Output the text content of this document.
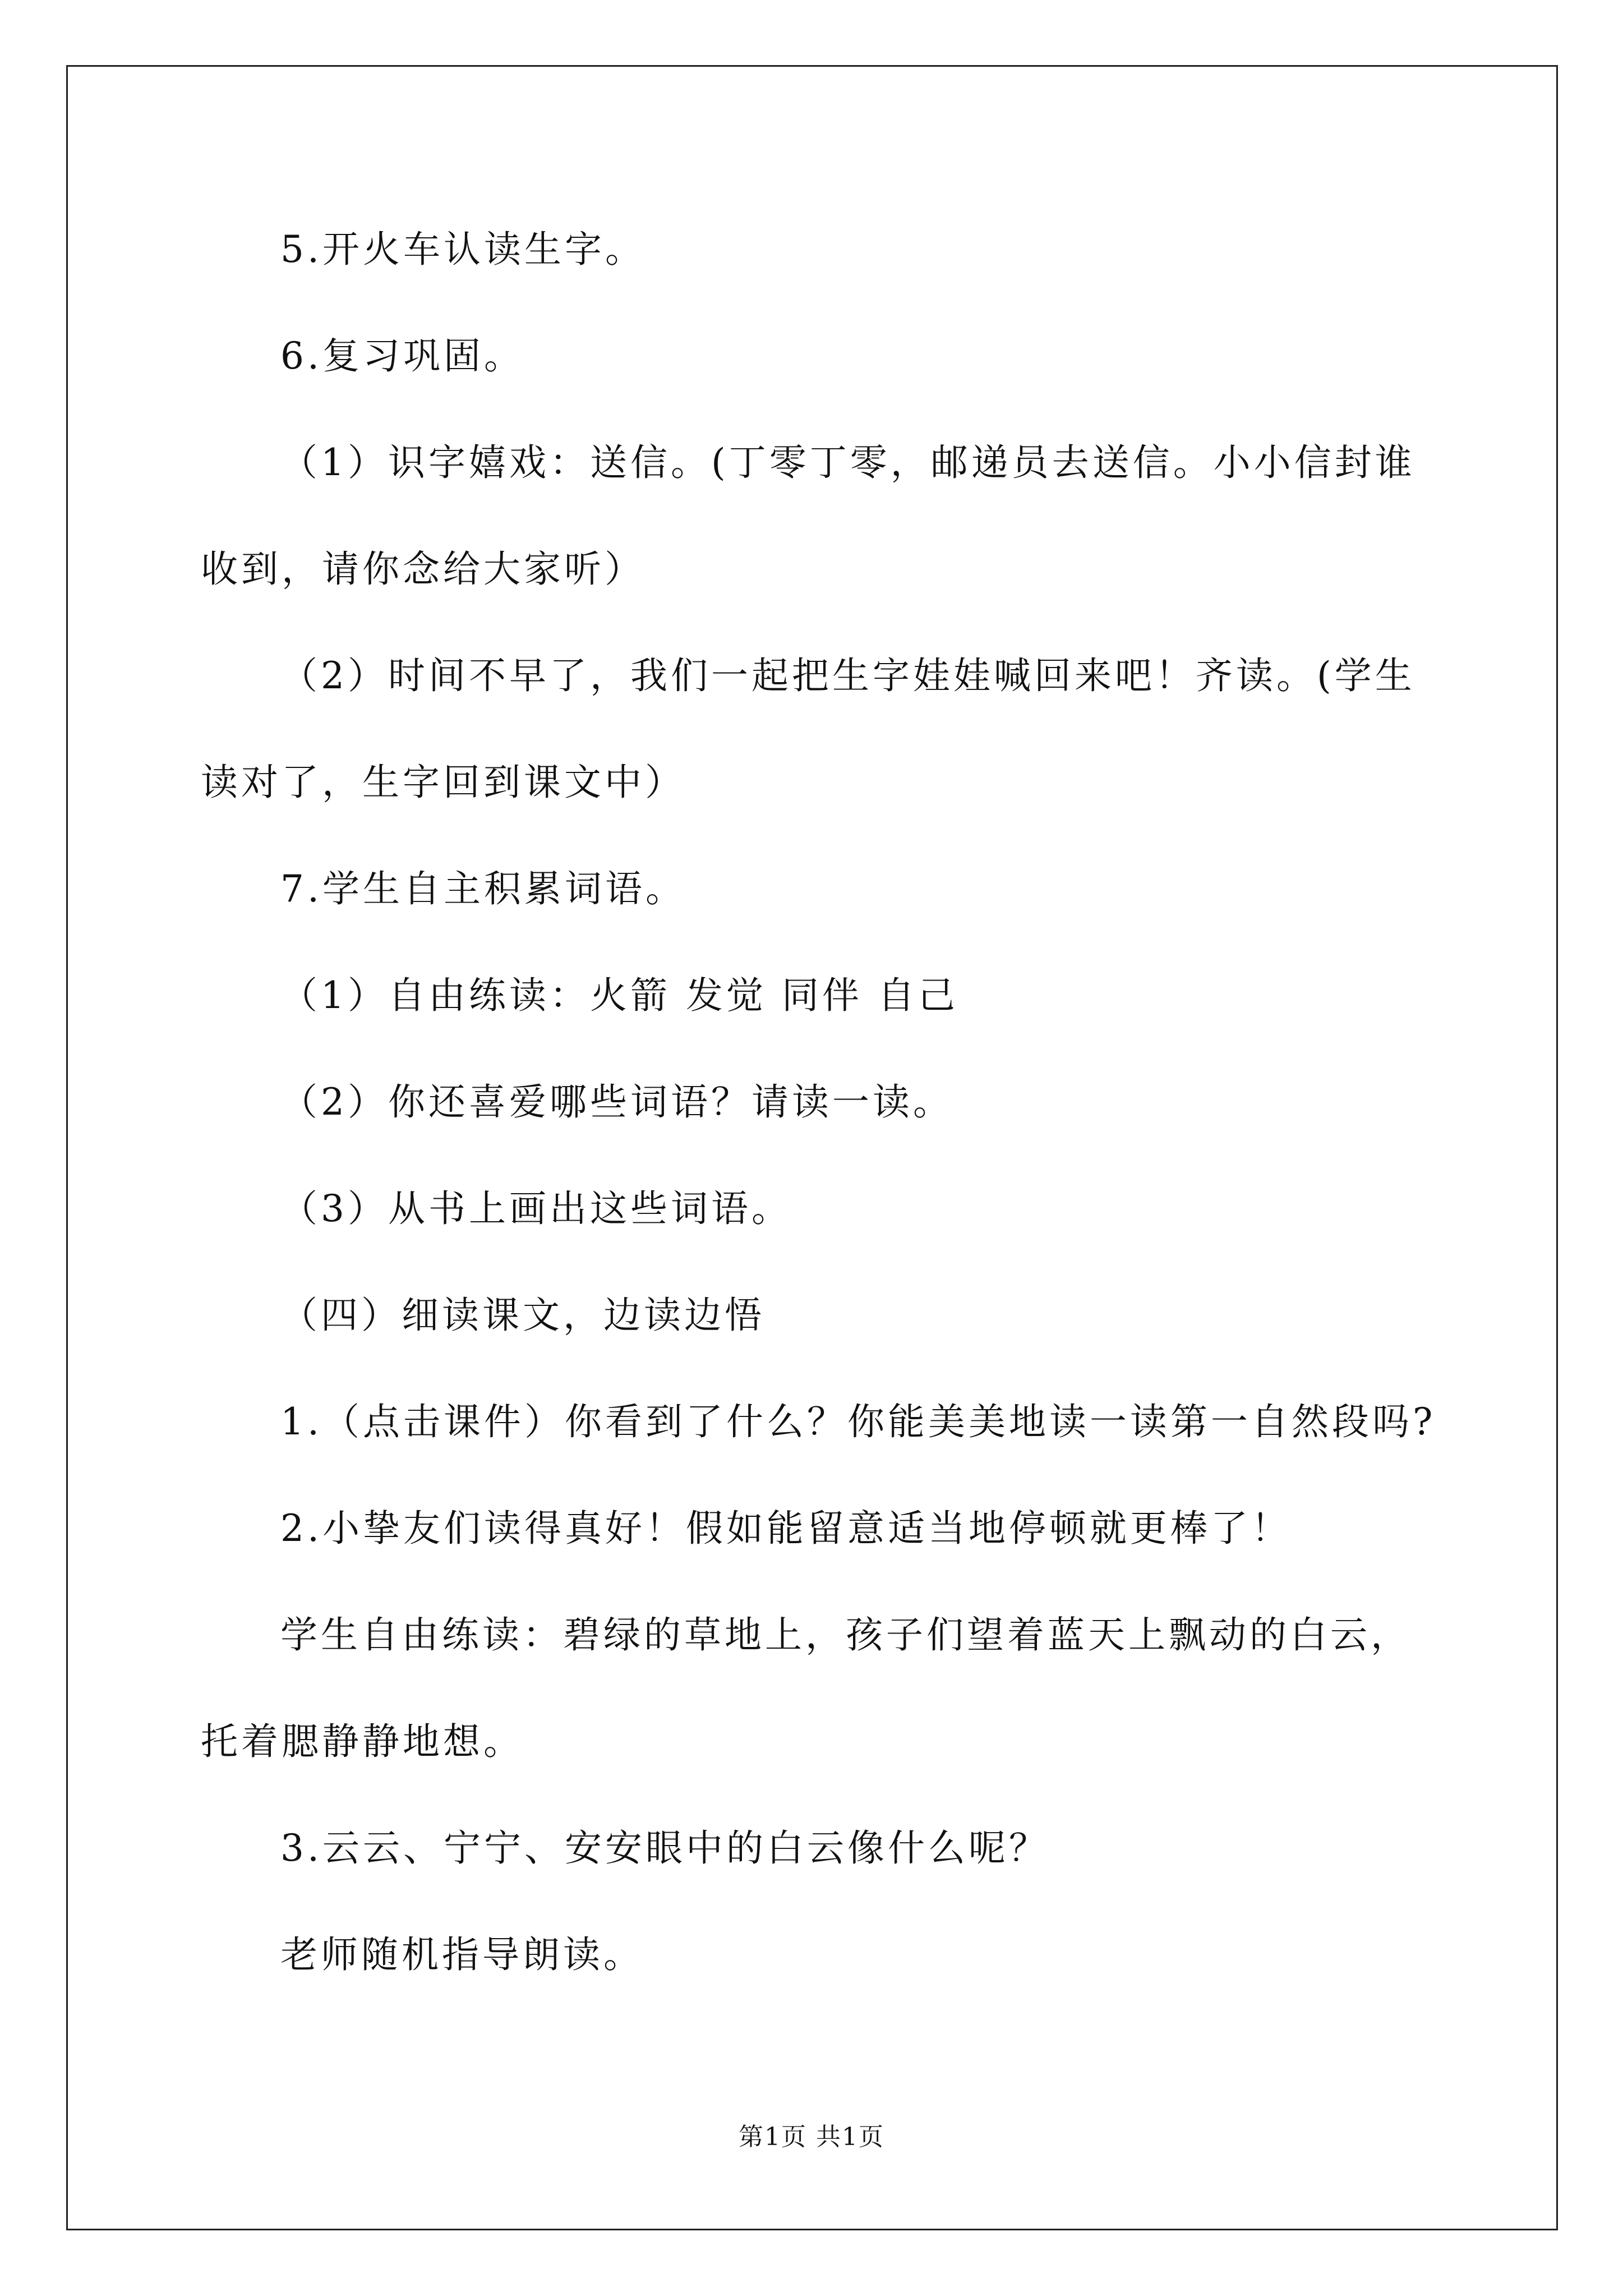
5.开火车认读生字。
6.复习巩固。
（1）识字嬉戏：送信。(丁零丁零，邮递员去送信。小小信封谁
收到，请你念给大家听）
（2）时间不早了，我们一起把生字娃娃喊回来吧！齐读。(学生
读对了，生字回到课文中）
7.学生自主积累词语。
（1）自由练读：火箭 发觉 同伴 自己
（2）你还喜爱哪些词语？请读一读。
（3）从书上画出这些词语。
（四）细读课文，边读边悟
1.（点击课件）你看到了什么？你能美美地读一读第一自然段吗?
2.小挚友们读得真好！假如能留意适当地停顿就更棒了！
学生自由练读：碧绿的草地上，孩子们望着蓝天上飘动的白云，
托着腮静静地想。
3.云云、宁宁、安安眼中的白云像什么呢？
老师随机指导朗读。
第1页 共1页
